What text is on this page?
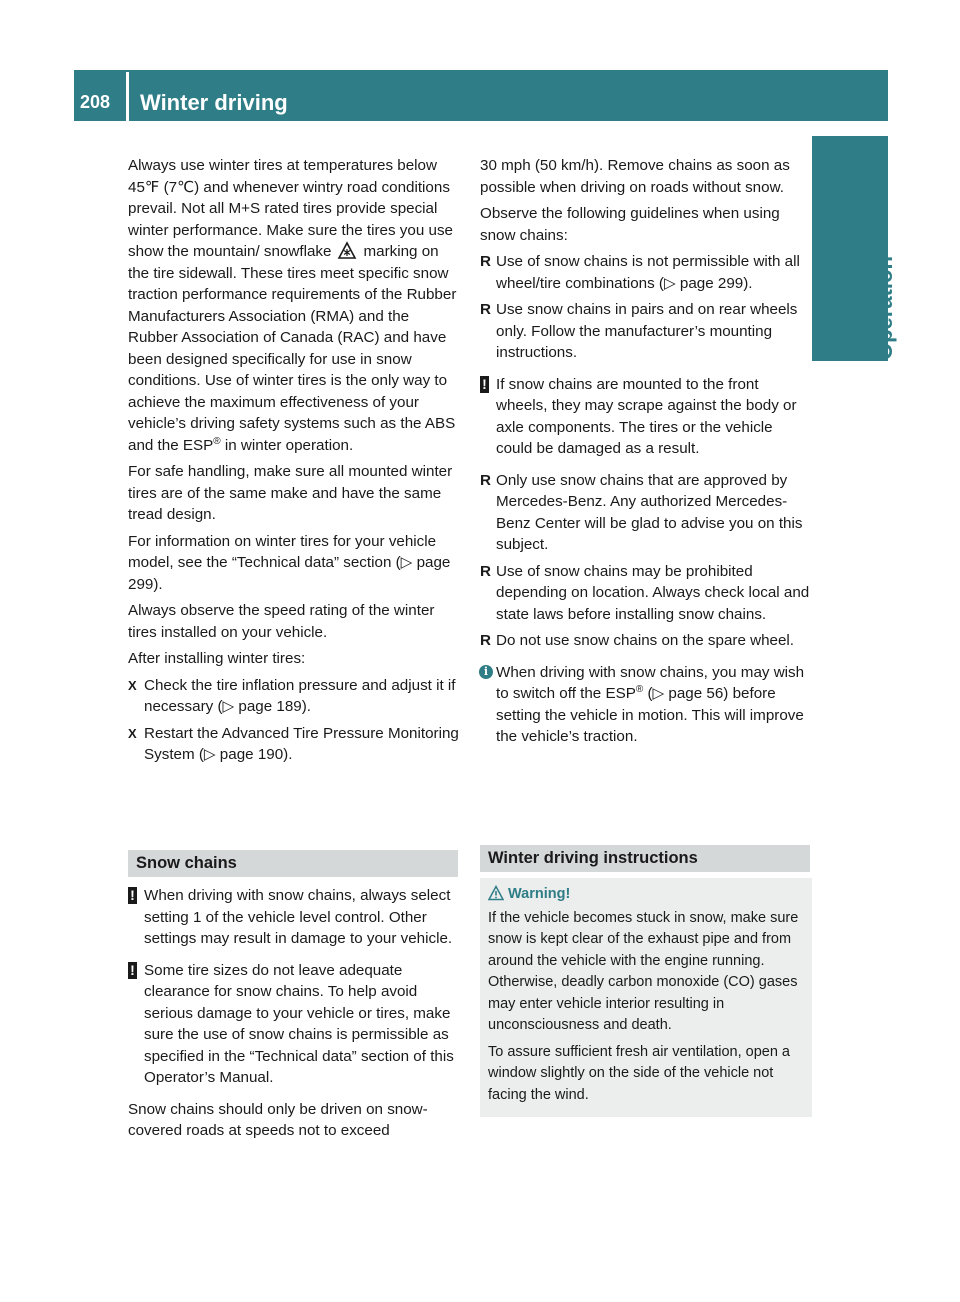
208	Winter driving
Operation

Always use winter tires at temperatures below 45℉ (7℃) and whenever wintry road conditions prevail. Not all M+S rated tires provide special winter performance. Make sure the tires you use show the mountain/ snowflake marking on the tire sidewall. These tires meet specific snow traction performance requirements of the Rubber Manufacturers Association (RMA) and the Rubber Association of Canada (RAC) and have been designed specifically for use in snow conditions. Use of winter tires is the only way to achieve the maximum effectiveness of your vehicle’s driving safety systems such as the ABS and the ESP® in winter operation.

For safe handling, make sure all mounted winter tires are of the same make and have the same tread design.

For information on winter tires for your vehicle model, see the “Technical data” section (▷ page 299).

Always observe the speed rating of the winter tires installed on your vehicle.

After installing winter tires:

X Check the tire inflation pressure and adjust it if necessary (▷ page 189).
X Restart the Advanced Tire Pressure Monitoring System (▷ page 190).
Snow chains
! When driving with snow chains, always select setting 1 of the vehicle level control. Other settings may result in damage to your vehicle.
! Some tire sizes do not leave adequate clearance for snow chains. To help avoid serious damage to your vehicle or tires, make sure the use of snow chains is permissible as specified in the “Technical data” section of this Operator’s Manual.

Snow chains should only be driven on snow-covered roads at speeds not to exceed

30 mph (50 km/h). Remove chains as soon as possible when driving on roads without snow.

Observe the following guidelines when using snow chains:

R Use of snow chains is not permissible with all wheel/tire combinations (▷ page 299).
R Use snow chains in pairs and on rear wheels only. Follow the manufacturer’s mounting instructions.
! If snow chains are mounted to the front wheels, they may scrape against the body or axle components. The tires or the vehicle could be damaged as a result.
R Only use snow chains that are approved by Mercedes-Benz. Any authorized Mercedes-Benz Center will be glad to advise you on this subject.
R Use of snow chains may be prohibited depending on location. Always check local and state laws before installing snow chains.
R Do not use snow chains on the spare wheel.
i When driving with snow chains, you may wish to switch off the ESP® (▷ page 56) before setting the vehicle in motion. This will improve the vehicle’s traction.
Winter driving instructions
Warning!

If the vehicle becomes stuck in snow, make sure snow is kept clear of the exhaust pipe and from around the vehicle with the engine running. Otherwise, deadly carbon monoxide (CO) gases may enter vehicle interior resulting in unconsciousness and death.

To assure sufficient fresh air ventilation, open a window slightly on the side of the vehicle not facing the wind.
